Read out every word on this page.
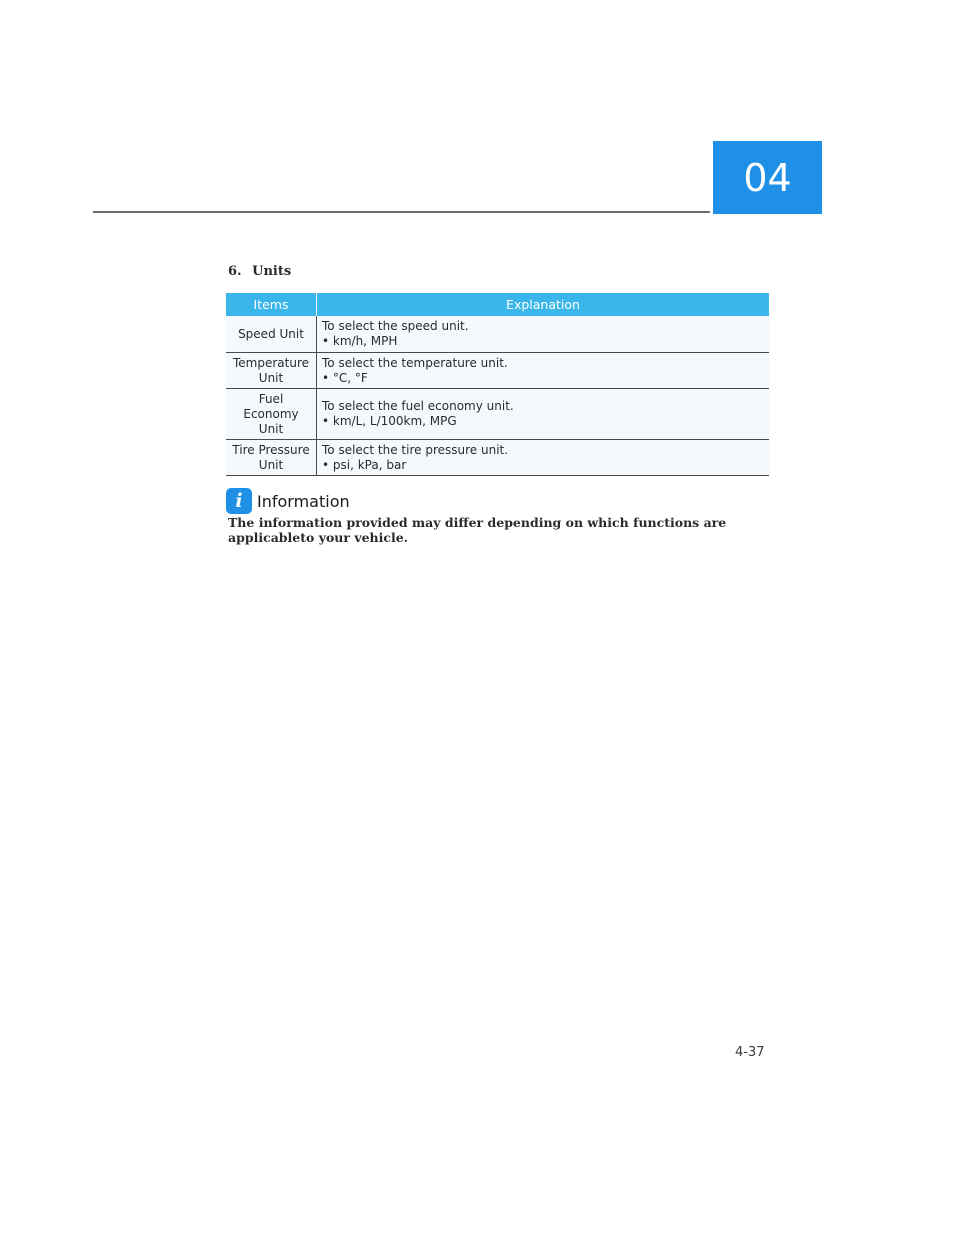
04
6. Units
Items	Explanation
Speed Unit	To select the speed unit.
• km/h, MPH

Temperature Unit	To select the temperature unit.
• °C, °F

Fuel Economy Unit	To select the fuel economy unit.
• km/L, L/100km, MPG

Tire Pressure Unit	To select the tire pressure unit.
• psi, kPa, bar
i Information
The information provided may differ depending on which functions are applicableto your vehicle.
4-37
